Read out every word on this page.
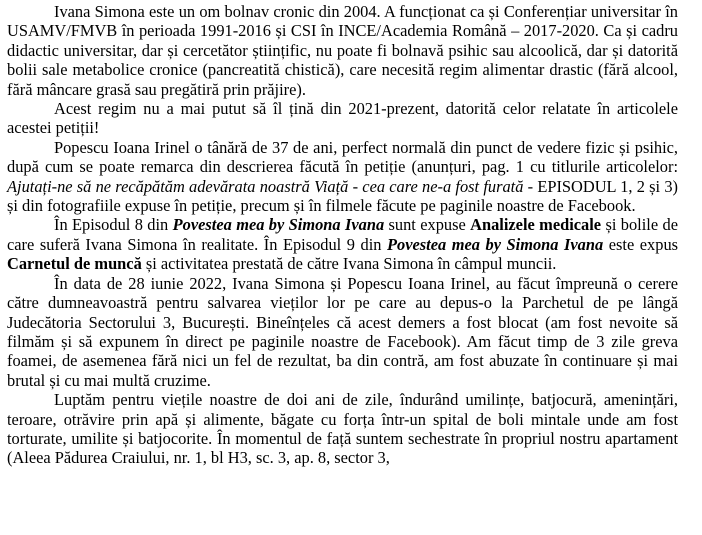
Ivana Simona este un om bolnav cronic din 2004. A funcționat ca și Conferențiar universitar în USAMV/FMVB în perioada 1991-2016 și CSI în INCE/Academia Română – 2017-2020. Ca și cadru didactic universitar, dar și cercetător științific, nu poate fi bolnavă psihic sau alcoolică, dar și datorită bolii sale metabolice cronice (pancreatită chistică), care necesită regim alimentar drastic (fără alcool, fără mâncare grasă sau pregătiră prin prăjire).

Acest regim nu a mai putut să îl țină din 2021-prezent, datorită celor relatate în articolele acestei petiții!

Popescu Ioana Irinel o tânără de 37 de ani, perfect normală din punct de vedere fizic și psihic, după cum se poate remarca din descrierea făcută în petiție (anunțuri, pag. 1 cu titlurile articolelor: Ajutați-ne să ne recăpătăm adevărata noastră Viață - cea care ne-a fost furată - EPISODUL 1, 2 și 3) și din fotografiile expuse în petiție, precum și în filmele făcute pe paginile noastre de Facebook.

În Episodul 8 din Povestea mea by Simona Ivana sunt expuse Analizele medicale și bolile de care suferă Ivana Simona în realitate. În Episodul 9 din Povestea mea by Simona Ivana este expus Carnetul de muncă și activitatea prestată de către Ivana Simona în câmpul muncii.

În data de 28 iunie 2022, Ivana Simona și Popescu Ioana Irinel, au făcut împreună o cerere către dumneavoastră pentru salvarea vieților lor pe care au depus-o la Parchetul de pe lângă Judecătoria Sectorului 3, București. Bineînțeles că acest demers a fost blocat (am fost nevoite să filmăm și să expunem în direct pe paginile noastre de Facebook). Am făcut timp de 3 zile greva foamei, de asemenea fără nici un fel de rezultat, ba din contră, am fost abuzate în continuare și mai brutal și cu mai multă cruzime.

Luptăm pentru viețile noastre de doi ani de zile, îndurând umilințe, batjocură, amenințări, teroare, otrăvire prin apă și alimente, băgate cu forța într-un spital de boli mintale unde am fost torturate, umilite și batjocorite. În momentul de față suntem sechestrate în propriul nostru apartament (Aleea Pădurea Craiului, nr. 1, bl H3, sc. 3, ap. 8, sector 3,
